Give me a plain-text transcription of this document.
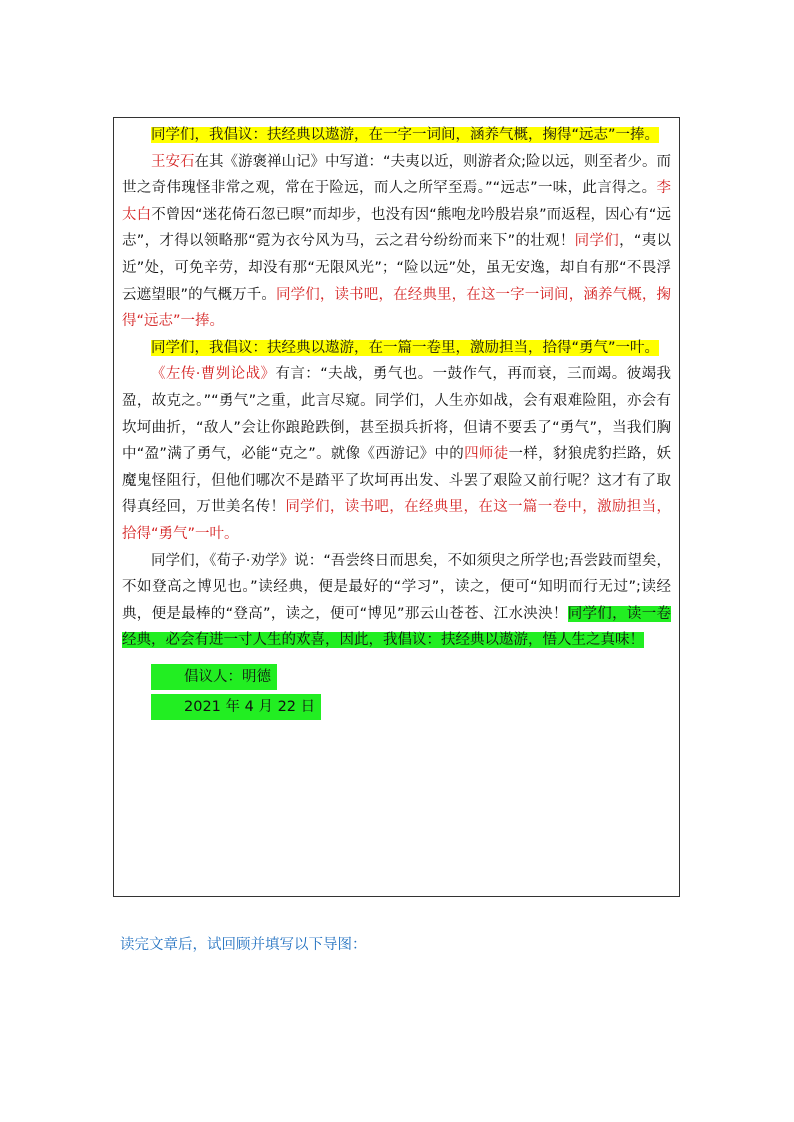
同学们，我倡议：扶经典以遨游，在一字一词间，涵养气概，掬得“远志”一捧。

王安石在其《游褒禅山记》中写道：“夫夷以近，则游者众;险以远，则至者少。而世之奇伟瑰怪非常之观，常在于险远，而人之所罕至焉。”“远志”一味，此言得之。李太白不曾因“迷花倚石忽已暝”而却步，也没有因“熊咆龙吟殷岩泉”而返程，因心有“远志”，才得以领略那“霓为衣兮风为马，云之君兮纷纷而来下”的壮观！同学们，“夷以近”处，可免辛劳，却没有那“无限风光”；“险以远”处，虽无安逸，却自有那“不畏浮云遮望眼”的气概万千。同学们，读书吧，在经典里，在这一字一词间，涵养气概，掬得“远志”一捧。

同学们，我倡议：扶经典以遨游，在一篇一卷里，激励担当，拾得“勇气”一叶。

《左传·曹刿论战》有言：“夫战，勇气也。一鼓作气，再而衰，三而竭。彼竭我盈，故克之。”“勇气”之重，此言尽窥。同学们，人生亦如战，会有艰难险阻，亦会有坎坷曲折，“敌人”会让你踉跄跌倒，甚至损兵折将，但请不要丢了“勇气”，当我们胸中“盈”满了勇气，必能“克之”。就像《西游记》中的四师徒一样，豺狼虎豹拦路，妖魔鬼怪阻行，但他们哪次不是踏平了坎坷再出发、斗罢了艰险又前行呢？这才有了取得真经回，万世美名传！同学们，读书吧，在经典里，在这一篇一卷中，激励担当，拾得“勇气”一叶。

同学们，《荀子·劝学》说：“吾尝终日而思矣，不如须臾之所学也;吾尝跂而望矣，不如登高之博见也。”读经典，便是最好的“学习”，读之，便可“知明而行无过”;读经典，便是最棒的“登高”，读之，便可“博见”那云山苍苍、江水泱泱！同学们，读一卷经典，必会有进一寸人生的欢喜，因此，我倡议：扶经典以遨游，悟人生之真味！

倡议人：明德

2021 年 4 月 22 日

读完文章后，试回顾并填写以下导图：
